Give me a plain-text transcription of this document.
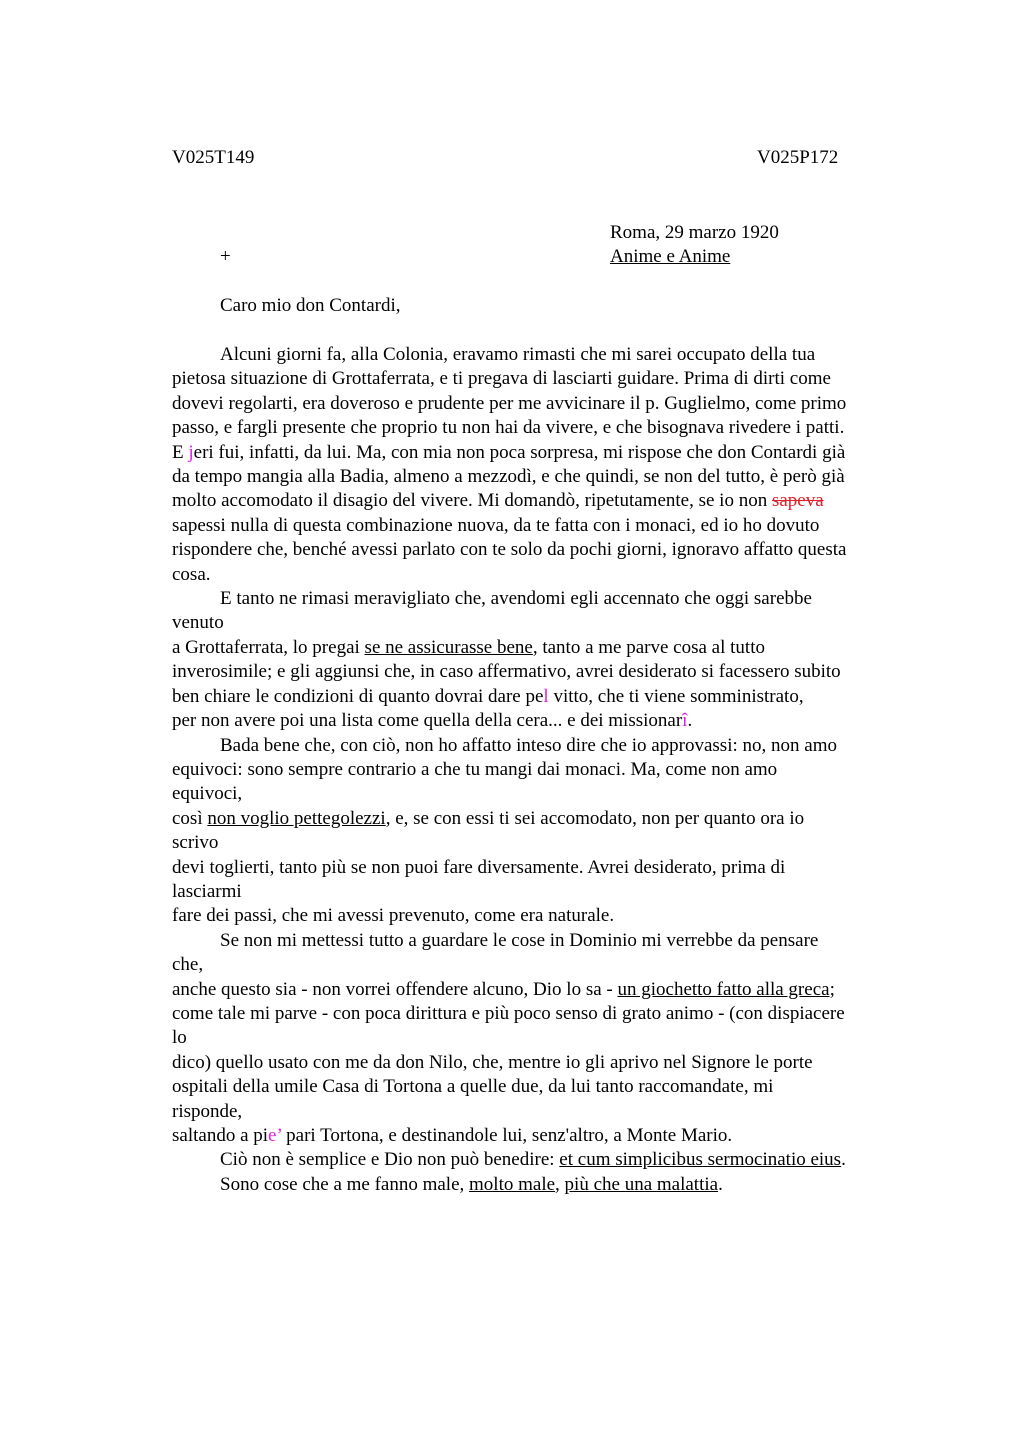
V025T149	V025P172
Roma, 29 marzo 1920
+	Anime e Anime
Caro mio don Contardi,

Alcuni giorni fa, alla Colonia, eravamo rimasti che mi sarei occupato della tua

pietosa situazione di Grottaferrata, e ti pregava di lasciarti guidare. Prima di dirti come

dovevi regolarti, era doveroso e prudente per me avvicinare il p. Guglielmo, come primo

passo, e fargli presente che proprio tu non hai da vivere, e che bisognava rivedere i patti.

E jeri fui, infatti, da lui. Ma, con mia non poca sorpresa, mi rispose che don Contardi già

da tempo mangia alla Badia, almeno a mezzodì, e che quindi, se non del tutto, è però già

molto accomodato il disagio del vivere. Mi domandò, ripetutamente, se io non sapeva

sapessi nulla di questa combinazione nuova, da te fatta con i monaci, ed io ho dovuto

rispondere che, benché avessi parlato con te solo da pochi giorni, ignoravo affatto questa

cosa.

E tanto ne rimasi meravigliato che, avendomi egli accennato che oggi sarebbe

venuto

a Grottaferrata, lo pregai se ne assicurasse bene, tanto a me parve cosa al tutto

inverosimile; e gli aggiunsi che, in caso affermativo, avrei desiderato si facessero subito

ben chiare le condizioni di quanto dovrai dare pel vitto, che ti viene somministrato,

per non avere poi una lista come quella della cera... e dei missionarî.

Bada bene che, con ciò, non ho affatto inteso dire che io approvassi: no, non amo

equivoci: sono sempre contrario a che tu mangi dai monaci. Ma, come non amo

equivoci,

così non voglio pettegolezzi, e, se con essi ti sei accomodato, non per quanto ora io

scrivo

devi toglierti, tanto più se non puoi fare diversamente. Avrei desiderato, prima di

lasciarmi

fare dei passi, che mi avessi prevenuto, come era naturale.

Se non mi mettessi tutto a guardare le cose in Dominio mi verrebbe da pensare

che,

anche questo sia - non vorrei offendere alcuno, Dio lo sa - un giochetto fatto alla greca;

come tale mi parve - con poca dirittura e più poco senso di grato animo - (con dispiacere

lo

dico) quello usato con me da don Nilo, che, mentre io gli aprivo nel Signore le porte

ospitali della umile Casa di Tortona a quelle due, da lui tanto raccomandate, mi

risponde,

saltando a pie’ pari Tortona, e destinandole lui, senz'altro, a Monte Mario.

Ciò non è semplice e Dio non può benedire: et cum simplicibus sermocinatio eius.

Sono cose che a me fanno male, molto male, più che una malattia.
